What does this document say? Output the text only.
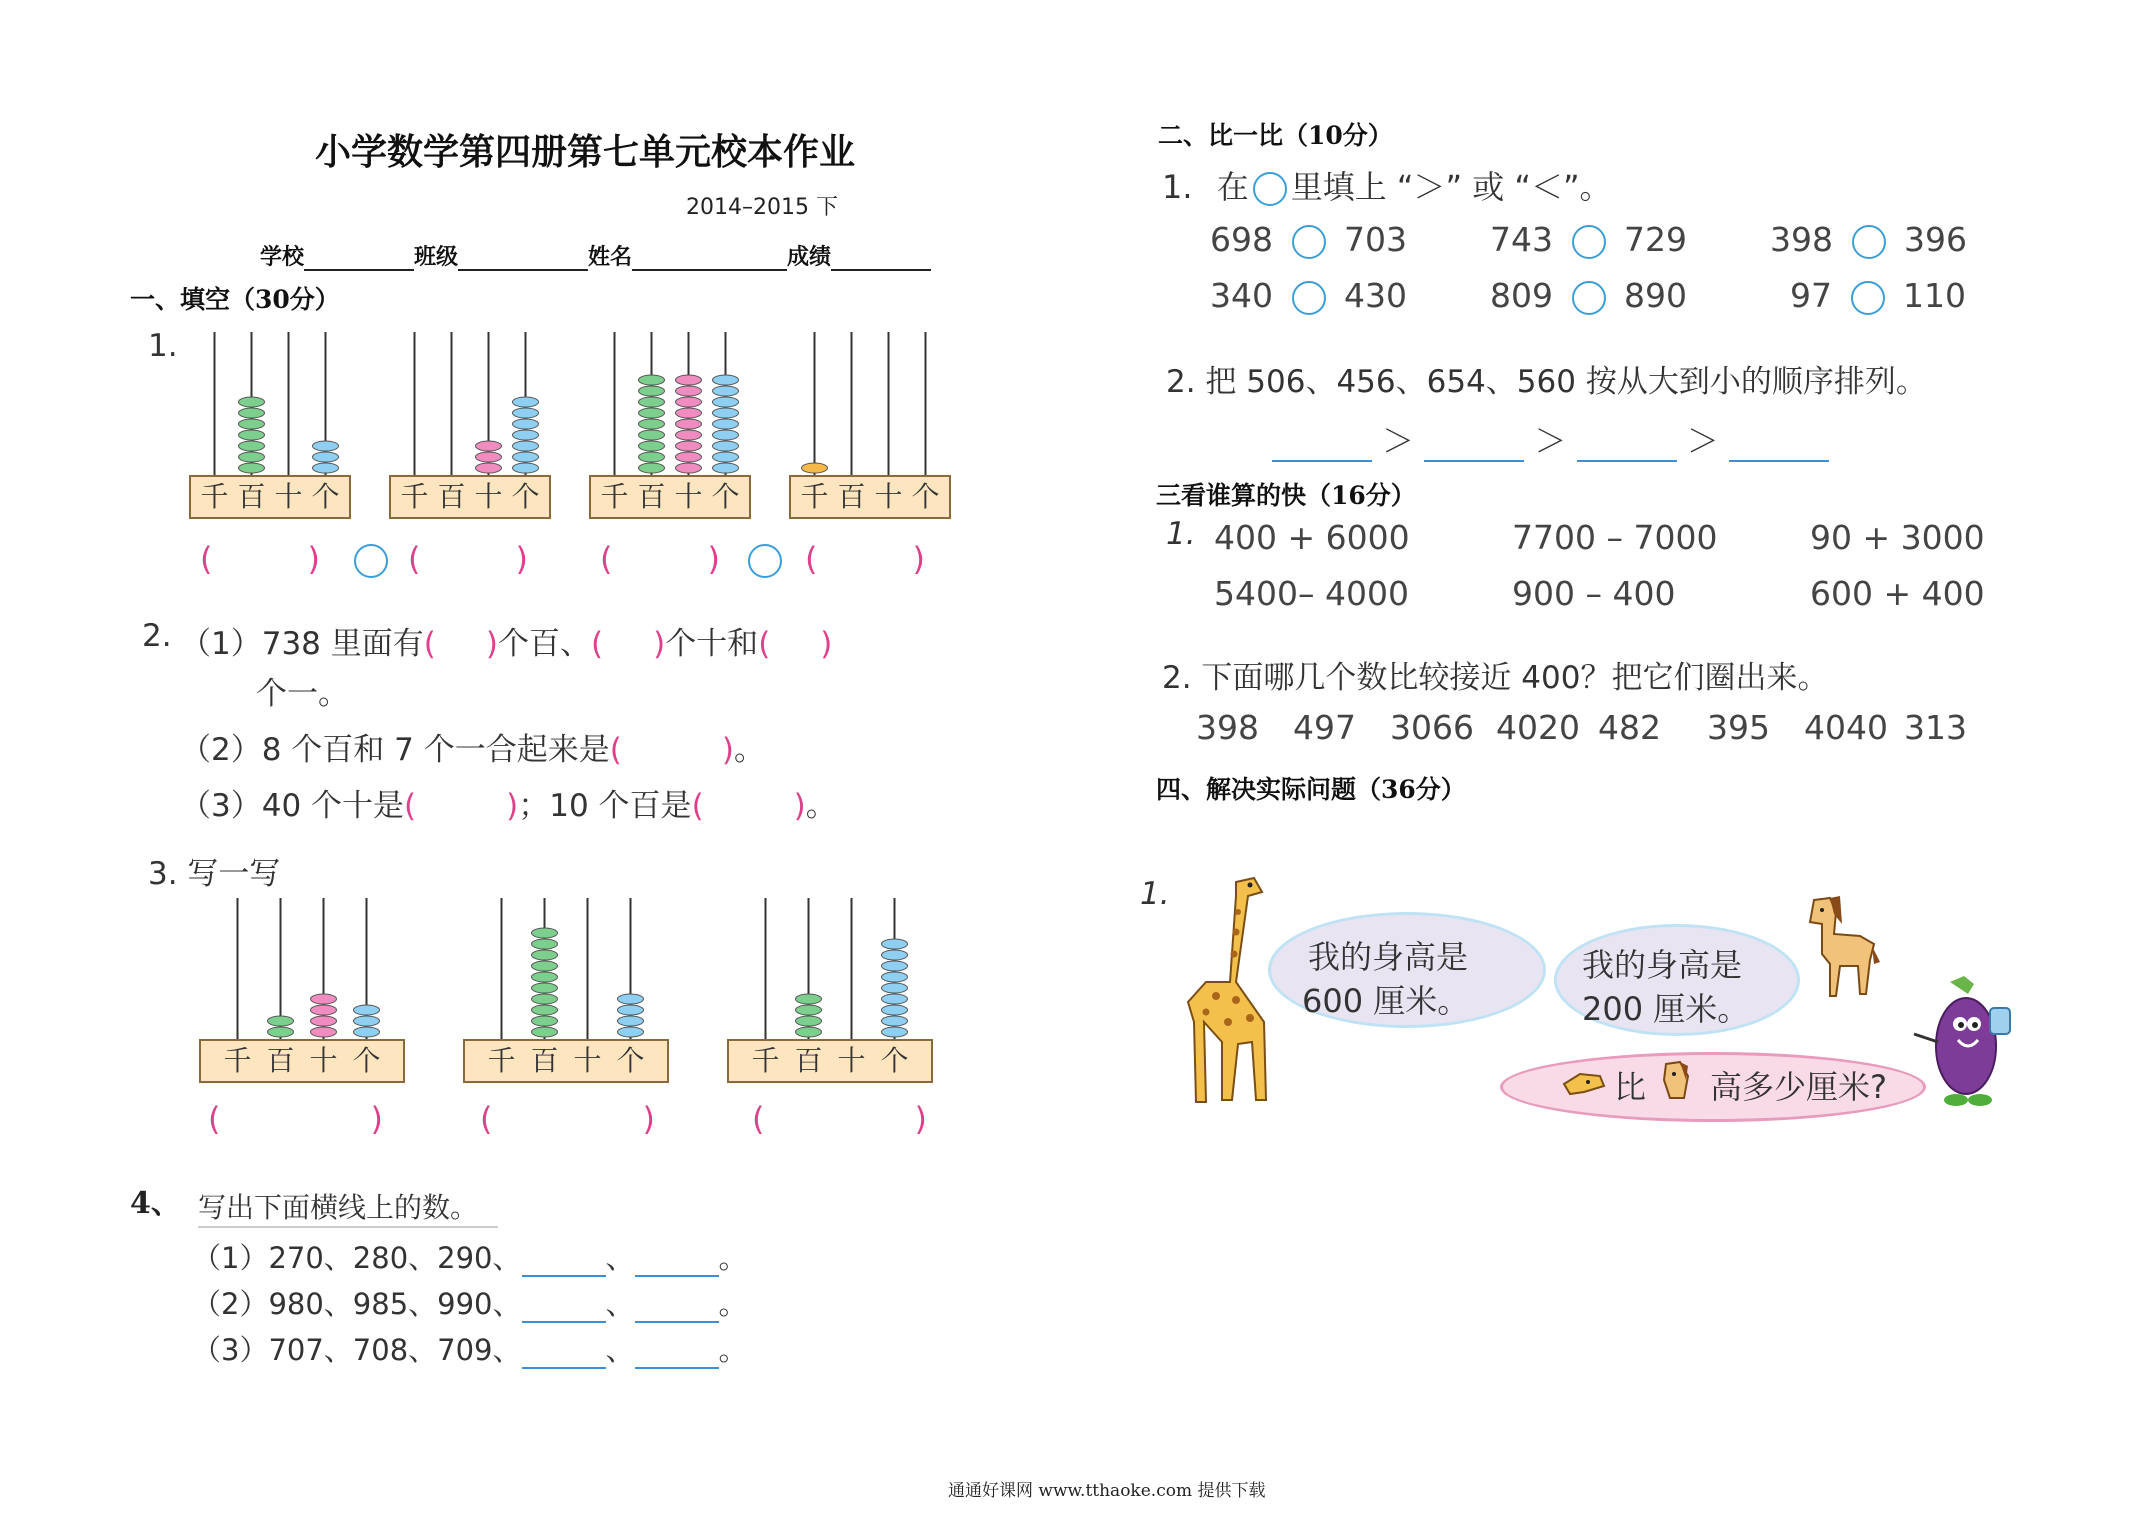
小学数学第四册第七单元校本作业
2014–2015 下
学校	班级	姓名	成绩
一、填空（30分）
1.
千 百 十 个 千 百 十 个 千 百 十 个 千 百 十 个
(	)	(	) (	)	(	)
2. （1）738 里面有( )个百、( )个十和( )
个一。
（2）8 个百和 7 个一合起来是(	)。
（3）40 个十是(	)；10 个百是(	)。
3. 写一写
千 百 十 个	千 百 十 个	千 百 十 个
(	)	(	)	(	)
4、 写出下面横线上的数。
（1）270、280、290、	、	。
（2）980、985、990、	、	。
（3）707、708、709、	、	。
二、比一比（10分）
1. 在 里填上 “＞” 或 “＜”。
698 703	743 729	398 396
340 430	809 890	97 110
2. 把 506、456、654、560 按从大到小的顺序排列。
＞	＞	＞
三看谁算的快（16分）
1. 400 + 6000	7700 – 7000	90 + 3000
5400– 4000	900 – 400	600 + 400
2. 下面哪几个数比较接近 400？把它们圈出来。
398 497 3066 4020 482 395 4040 313
四、解决实际问题（36分）
1.
我的身高是
600 厘米。
我的身高是
200 厘米。
比 高多少厘米?
通通好课网 www.tthaoke.com 提供下载
